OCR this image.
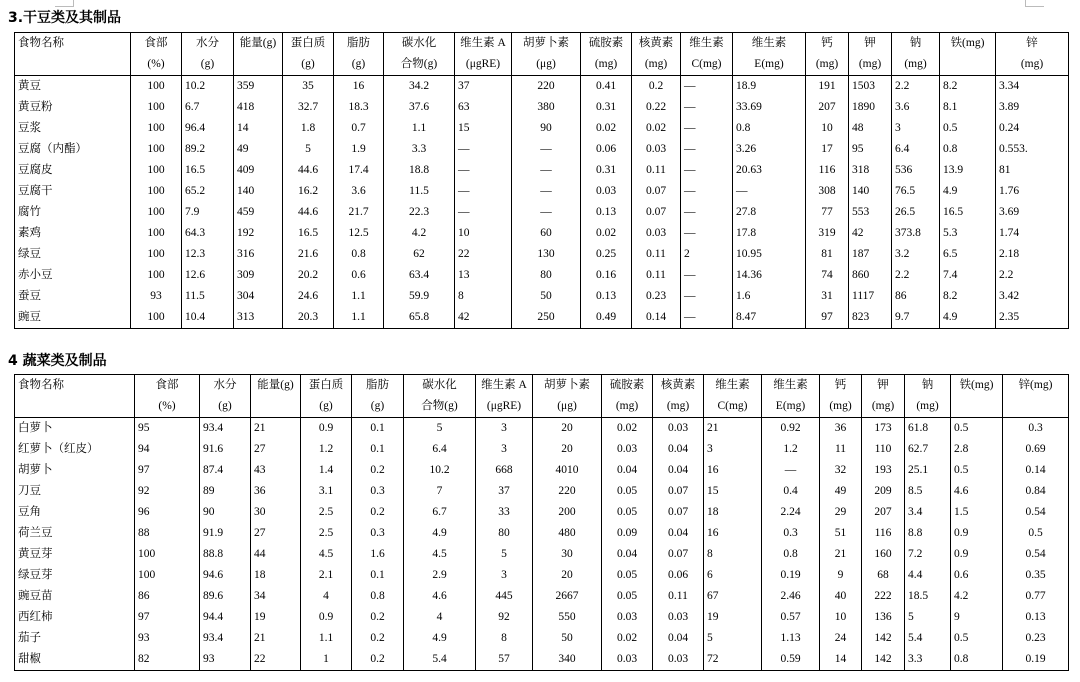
3.干豆类及其制品
食物名称	食部	水分	能量(g)	蛋白质	脂肪	碳水化	维生素 A	胡萝卜素	硫胺素	核黄素	维生素	维生素	钙	钾	钠	铁(mg)	锌
	(%)	(g)		(g)	(g)	合物(g)	(μgRE)	(μg)	(mg)	(mg)	C(mg)	E(mg)	(mg)	(mg)	(mg)		(mg)
黄豆	100	10.2	359	35	16	34.2	37	220	0.41	0.2	—	18.9	191	1503	2.2	8.2	3.34
黄豆粉	100	6.7	418	32.7	18.3	37.6	63	380	0.31	0.22	—	33.69	207	1890	3.6	8.1	3.89
豆浆	100	96.4	14	1.8	0.7	1.1	15	90	0.02	0.02	—	0.8	10	48	3	0.5	0.24
豆腐（内酯）	100	89.2	49	5	1.9	3.3	—	—	0.06	0.03	—	3.26	17	95	6.4	0.8	0.553.
豆腐皮	100	16.5	409	44.6	17.4	18.8	—	—	0.31	0.11	—	20.63	116	318	536	13.9	81
豆腐干	100	65.2	140	16.2	3.6	11.5	—	—	0.03	0.07	—	—	308	140	76.5	4.9	1.76
腐竹	100	7.9	459	44.6	21.7	22.3	—	—	0.13	0.07	—	27.8	77	553	26.5	16.5	3.69
素鸡	100	64.3	192	16.5	12.5	4.2	10	60	0.02	0.03	—	17.8	319	42	373.8	5.3	1.74
绿豆	100	12.3	316	21.6	0.8	62	22	130	0.25	0.11	2	10.95	81	187	3.2	6.5	2.18
赤小豆	100	12.6	309	20.2	0.6	63.4	13	80	0.16	0.11	—	14.36	74	860	2.2	7.4	2.2
蚕豆	93	11.5	304	24.6	1.1	59.9	8	50	0.13	0.23	—	1.6	31	1117	86	8.2	3.42
豌豆	100	10.4	313	20.3	1.1	65.8	42	250	0.49	0.14	—	8.47	97	823	9.7	4.9	2.35
4 蔬菜类及制品
食物名称	食部	水分	能量(g)	蛋白质	脂肪	碳水化	维生素 A	胡萝卜素	硫胺素	核黄素	维生素	维生素	钙	钾	钠	铁(mg)	锌(mg)
	(%)	(g)		(g)	(g)	合物(g)	(μgRE)	(μg)	(mg)	(mg)	C(mg)	E(mg)	(mg)	(mg)	(mg)		
白萝卜	95	93.4	21	0.9	0.1	5	3	20	0.02	0.03	21	0.92	36	173	61.8	0.5	0.3
红萝卜（红皮）	94	91.6	27	1.2	0.1	6.4	3	20	0.03	0.04	3	1.2	11	110	62.7	2.8	0.69
胡萝卜	97	87.4	43	1.4	0.2	10.2	668	4010	0.04	0.04	16	—	32	193	25.1	0.5	0.14
刀豆	92	89	36	3.1	0.3	7	37	220	0.05	0.07	15	0.4	49	209	8.5	4.6	0.84
豆角	96	90	30	2.5	0.2	6.7	33	200	0.05	0.07	18	2.24	29	207	3.4	1.5	0.54
荷兰豆	88	91.9	27	2.5	0.3	4.9	80	480	0.09	0.04	16	0.3	51	116	8.8	0.9	0.5
黄豆芽	100	88.8	44	4.5	1.6	4.5	5	30	0.04	0.07	8	0.8	21	160	7.2	0.9	0.54
绿豆芽	100	94.6	18	2.1	0.1	2.9	3	20	0.05	0.06	6	0.19	9	68	4.4	0.6	0.35
豌豆苗	86	89.6	34	4	0.8	4.6	445	2667	0.05	0.11	67	2.46	40	222	18.5	4.2	0.77
西红柿	97	94.4	19	0.9	0.2	4	92	550	0.03	0.03	19	0.57	10	136	5	9	0.13
茄子	93	93.4	21	1.1	0.2	4.9	8	50	0.02	0.04	5	1.13	24	142	5.4	0.5	0.23
甜椒	82	93	22	1	0.2	5.4	57	340	0.03	0.03	72	0.59	14	142	3.3	0.8	0.19
